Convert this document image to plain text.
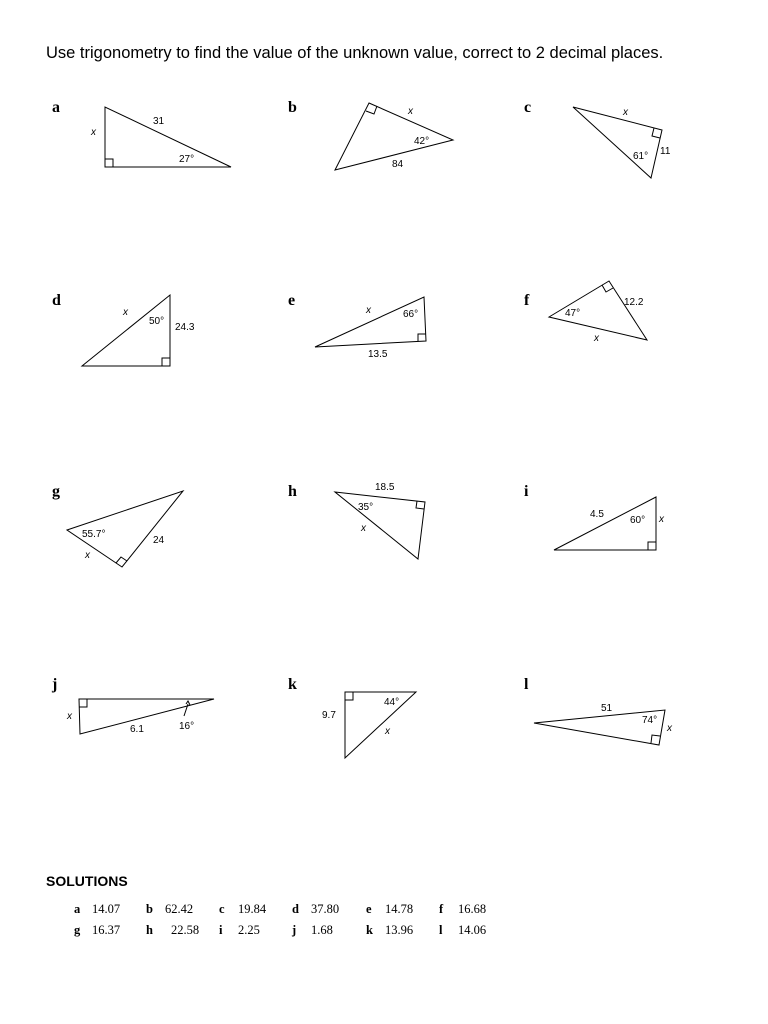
Use trigonometry to find the value of the unknown value, correct to 2 decimal places.
a	b	c
d	e	f
g	h	i
j	k	l
x
31
27°
x
42°
84
x
61° 11
x
50°
24.3
x	66°
13.5
47°
12.2
x
55.7°
x
24
18.5
35°
x
4.5
60° x
x
6.1	16°
9.7
44°
x
51
74°
x
SOLUTIONS
a 14.07 b 62.42 c 19.84 d 37.80 e 14.78 f 16.68
g 16.37 h 22.58 i 2.25	j 1.68	k 13.96 l 14.06
